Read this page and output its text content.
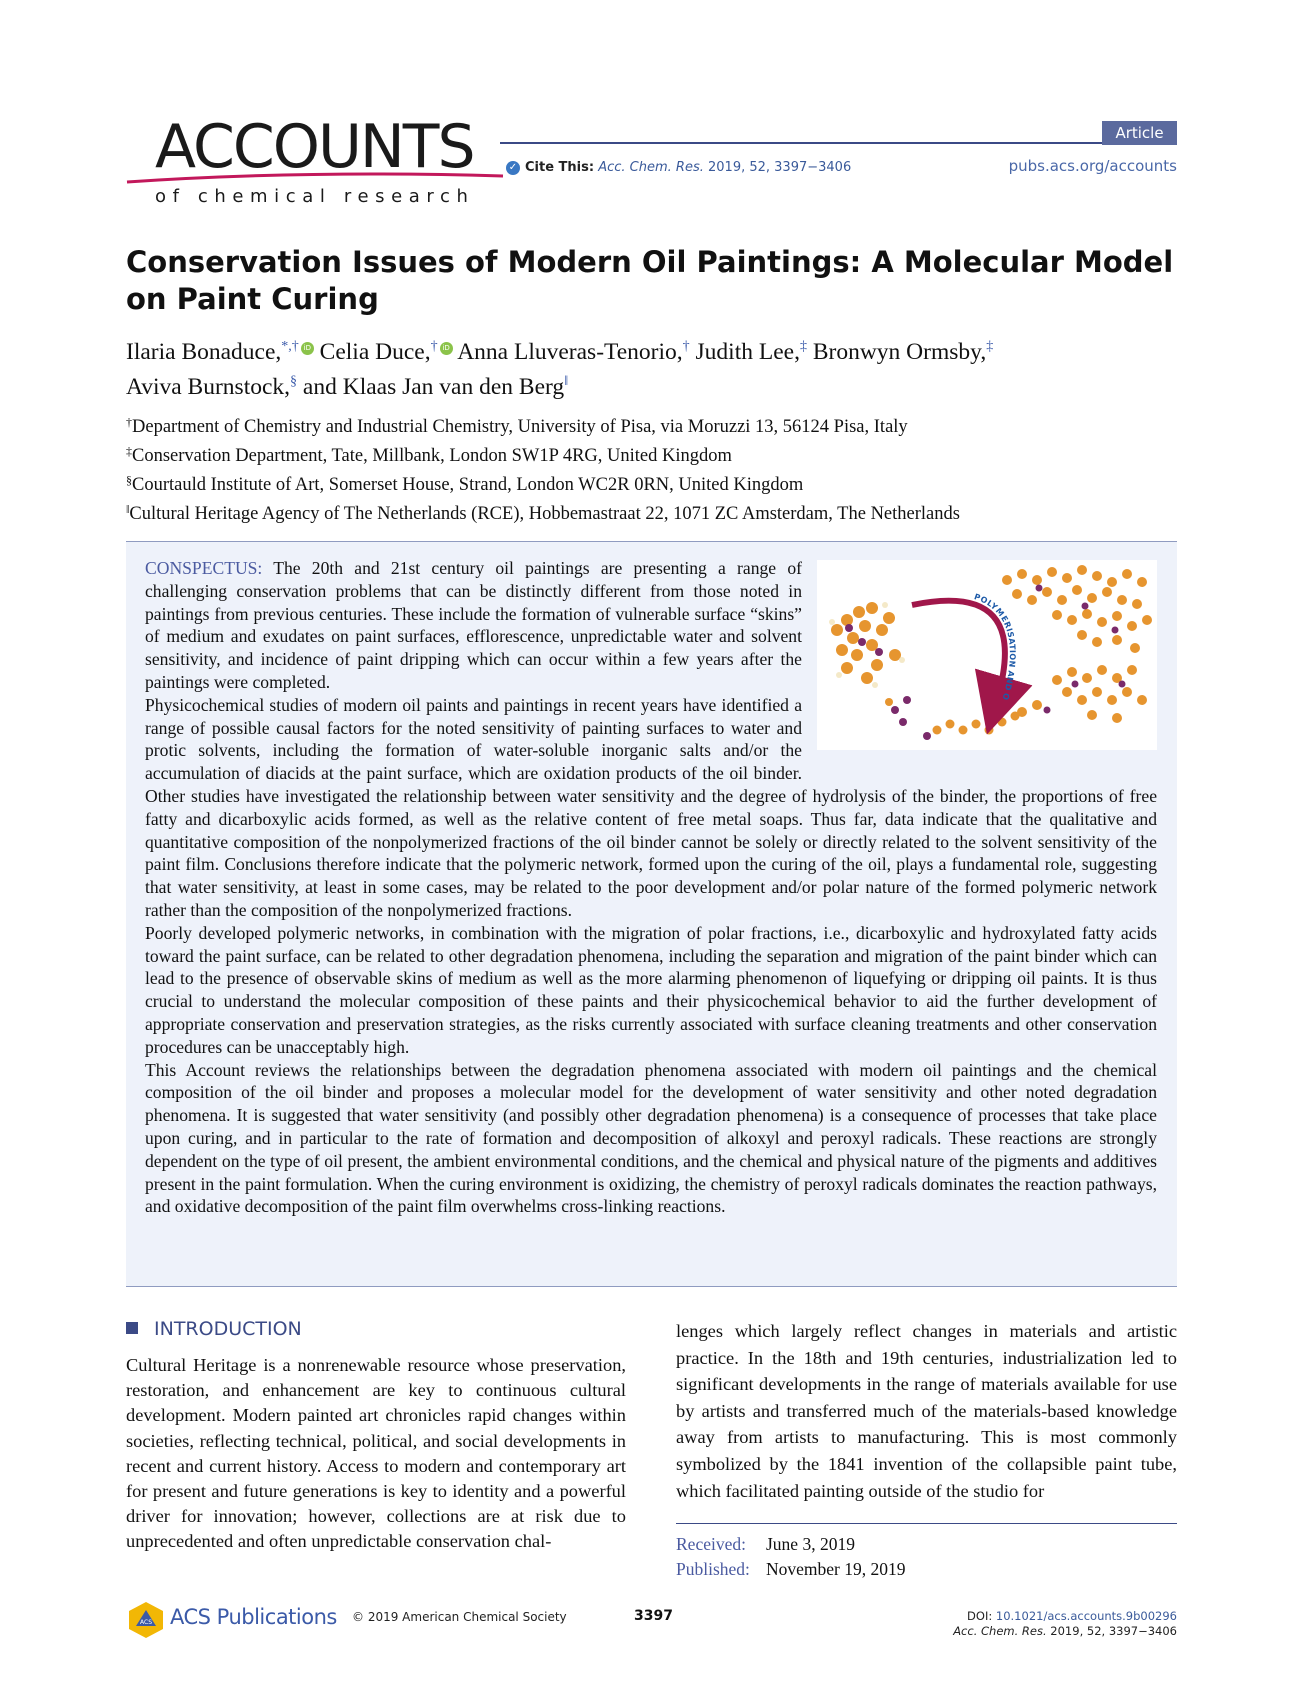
ACCOUNTS
of chemical research
Article
✓ Cite This: Acc. Chem. Res. 2019, 52, 3397−3406	pubs.acs.org/accounts
Conservation Issues of Modern Oil Paintings: A Molecular Model on Paint Curing
Ilaria Bonaduce,*,† iD Celia Duce,† iD Anna Lluveras-Tenorio,† Judith Lee,‡ Bronwyn Ormsby,‡
Aviva Burnstock,§ and Klaas Jan van den Berg‖
†Department of Chemistry and Industrial Chemistry, University of Pisa, via Moruzzi 13, 56124 Pisa, Italy
‡Conservation Department, Tate, Millbank, London SW1P 4RG, United Kingdom
§Courtauld Institute of Art, Somerset House, Strand, London WC2R 0RN, United Kingdom
‖Cultural Heritage Agency of The Netherlands (RCE), Hobbemastraat 22, 1071 ZC Amsterdam, The Netherlands

CONSPECTUS: The 20th and 21st century oil paintings are presenting a range of challenging conservation problems that can be distinctly different from those noted in paintings from previous centuries. These include the formation of vulnerable surface “skins” of medium and exudates on paint surfaces, efflorescence, unpredictable water and solvent sensitivity, and incidence of paint dripping which can occur within a few years after the paintings were completed.

Physicochemical studies of modern oil paints and paintings in recent years have identified a range of possible causal factors for the noted sensitivity of painting surfaces to water and protic solvents, including the formation of water-soluble inorganic salts and/or the accumulation of diacids at the paint surface, which are oxidation products of the oil binder. Other studies have investigated the relationship between water sensitivity and the degree of hydrolysis of the binder, the proportions of free fatty and dicarboxylic acids formed, as well as the relative content of free metal soaps. Thus far, data indicate that the qualitative and quantitative composition of the nonpolymerized fractions of the oil binder cannot be solely or directly related to the solvent sensitivity of the paint film. Conclusions therefore indicate that the polymeric network, formed upon the curing of the oil, plays a fundamental role, suggesting that water sensitivity, at least in some cases, may be related to the poor development and/or polar nature of the formed polymeric network rather than the composition of the nonpolymerized fractions.

Poorly developed polymeric networks, in combination with the migration of polar fractions, i.e., dicarboxylic and hydroxylated fatty acids toward the paint surface, can be related to other degradation phenomena, including the separation and migration of the paint binder which can lead to the presence of observable skins of medium as well as the more alarming phenomenon of liquefying or dripping oil paints. It is thus crucial to understand the molecular composition of these paints and their physicochemical behavior to aid the further development of appropriate conservation and preservation strategies, as the risks currently associated with surface cleaning treatments and other conservation procedures can be unacceptably high.

This Account reviews the relationships between the degradation phenomena associated with modern oil paintings and the chemical composition of the oil binder and proposes a molecular model for the development of water sensitivity and other noted degradation phenomena. It is suggested that water sensitivity (and possibly other degradation phenomena) is a consequence of processes that take place upon curing, and in particular to the rate of formation and decomposition of alkoxyl and peroxyl radicals. These reactions are strongly dependent on the type of oil present, the ambient environmental conditions, and the chemical and physical nature of the pigments and additives present in the paint formulation. When the curing environment is oxidizing, the chemistry of peroxyl radicals dominates the reaction pathways, and oxidative decomposition of the paint film overwhelms cross-linking reactions.

POLYMERISATION AND O
INTRODUCTION

Cultural Heritage is a nonrenewable resource whose preservation, restoration, and enhancement are key to continuous cultural development. Modern painted art chronicles rapid changes within societies, reflecting technical, political, and social developments in recent and current history. Access to modern and contemporary art for present and future generations is key to identity and a powerful driver for innovation; however, collections are at risk due to unprecedented and often unpredictable conservation chal-

lenges which largely reflect changes in materials and artistic practice. In the 18th and 19th centuries, industrialization led to significant developments in the range of materials available for use by artists and transferred much of the materials-based knowledge away from artists to manufacturing. This is most commonly symbolized by the 1841 invention of the collapsible paint tube, which facilitated painting outside of the studio for

Received: June 3, 2019
Published: November 19, 2019
ACS ACS Publications © 2019 American Chemical Society	3397	DOI: 10.1021/acs.accounts.9b00296
Acc. Chem. Res. 2019, 52, 3397−3406
